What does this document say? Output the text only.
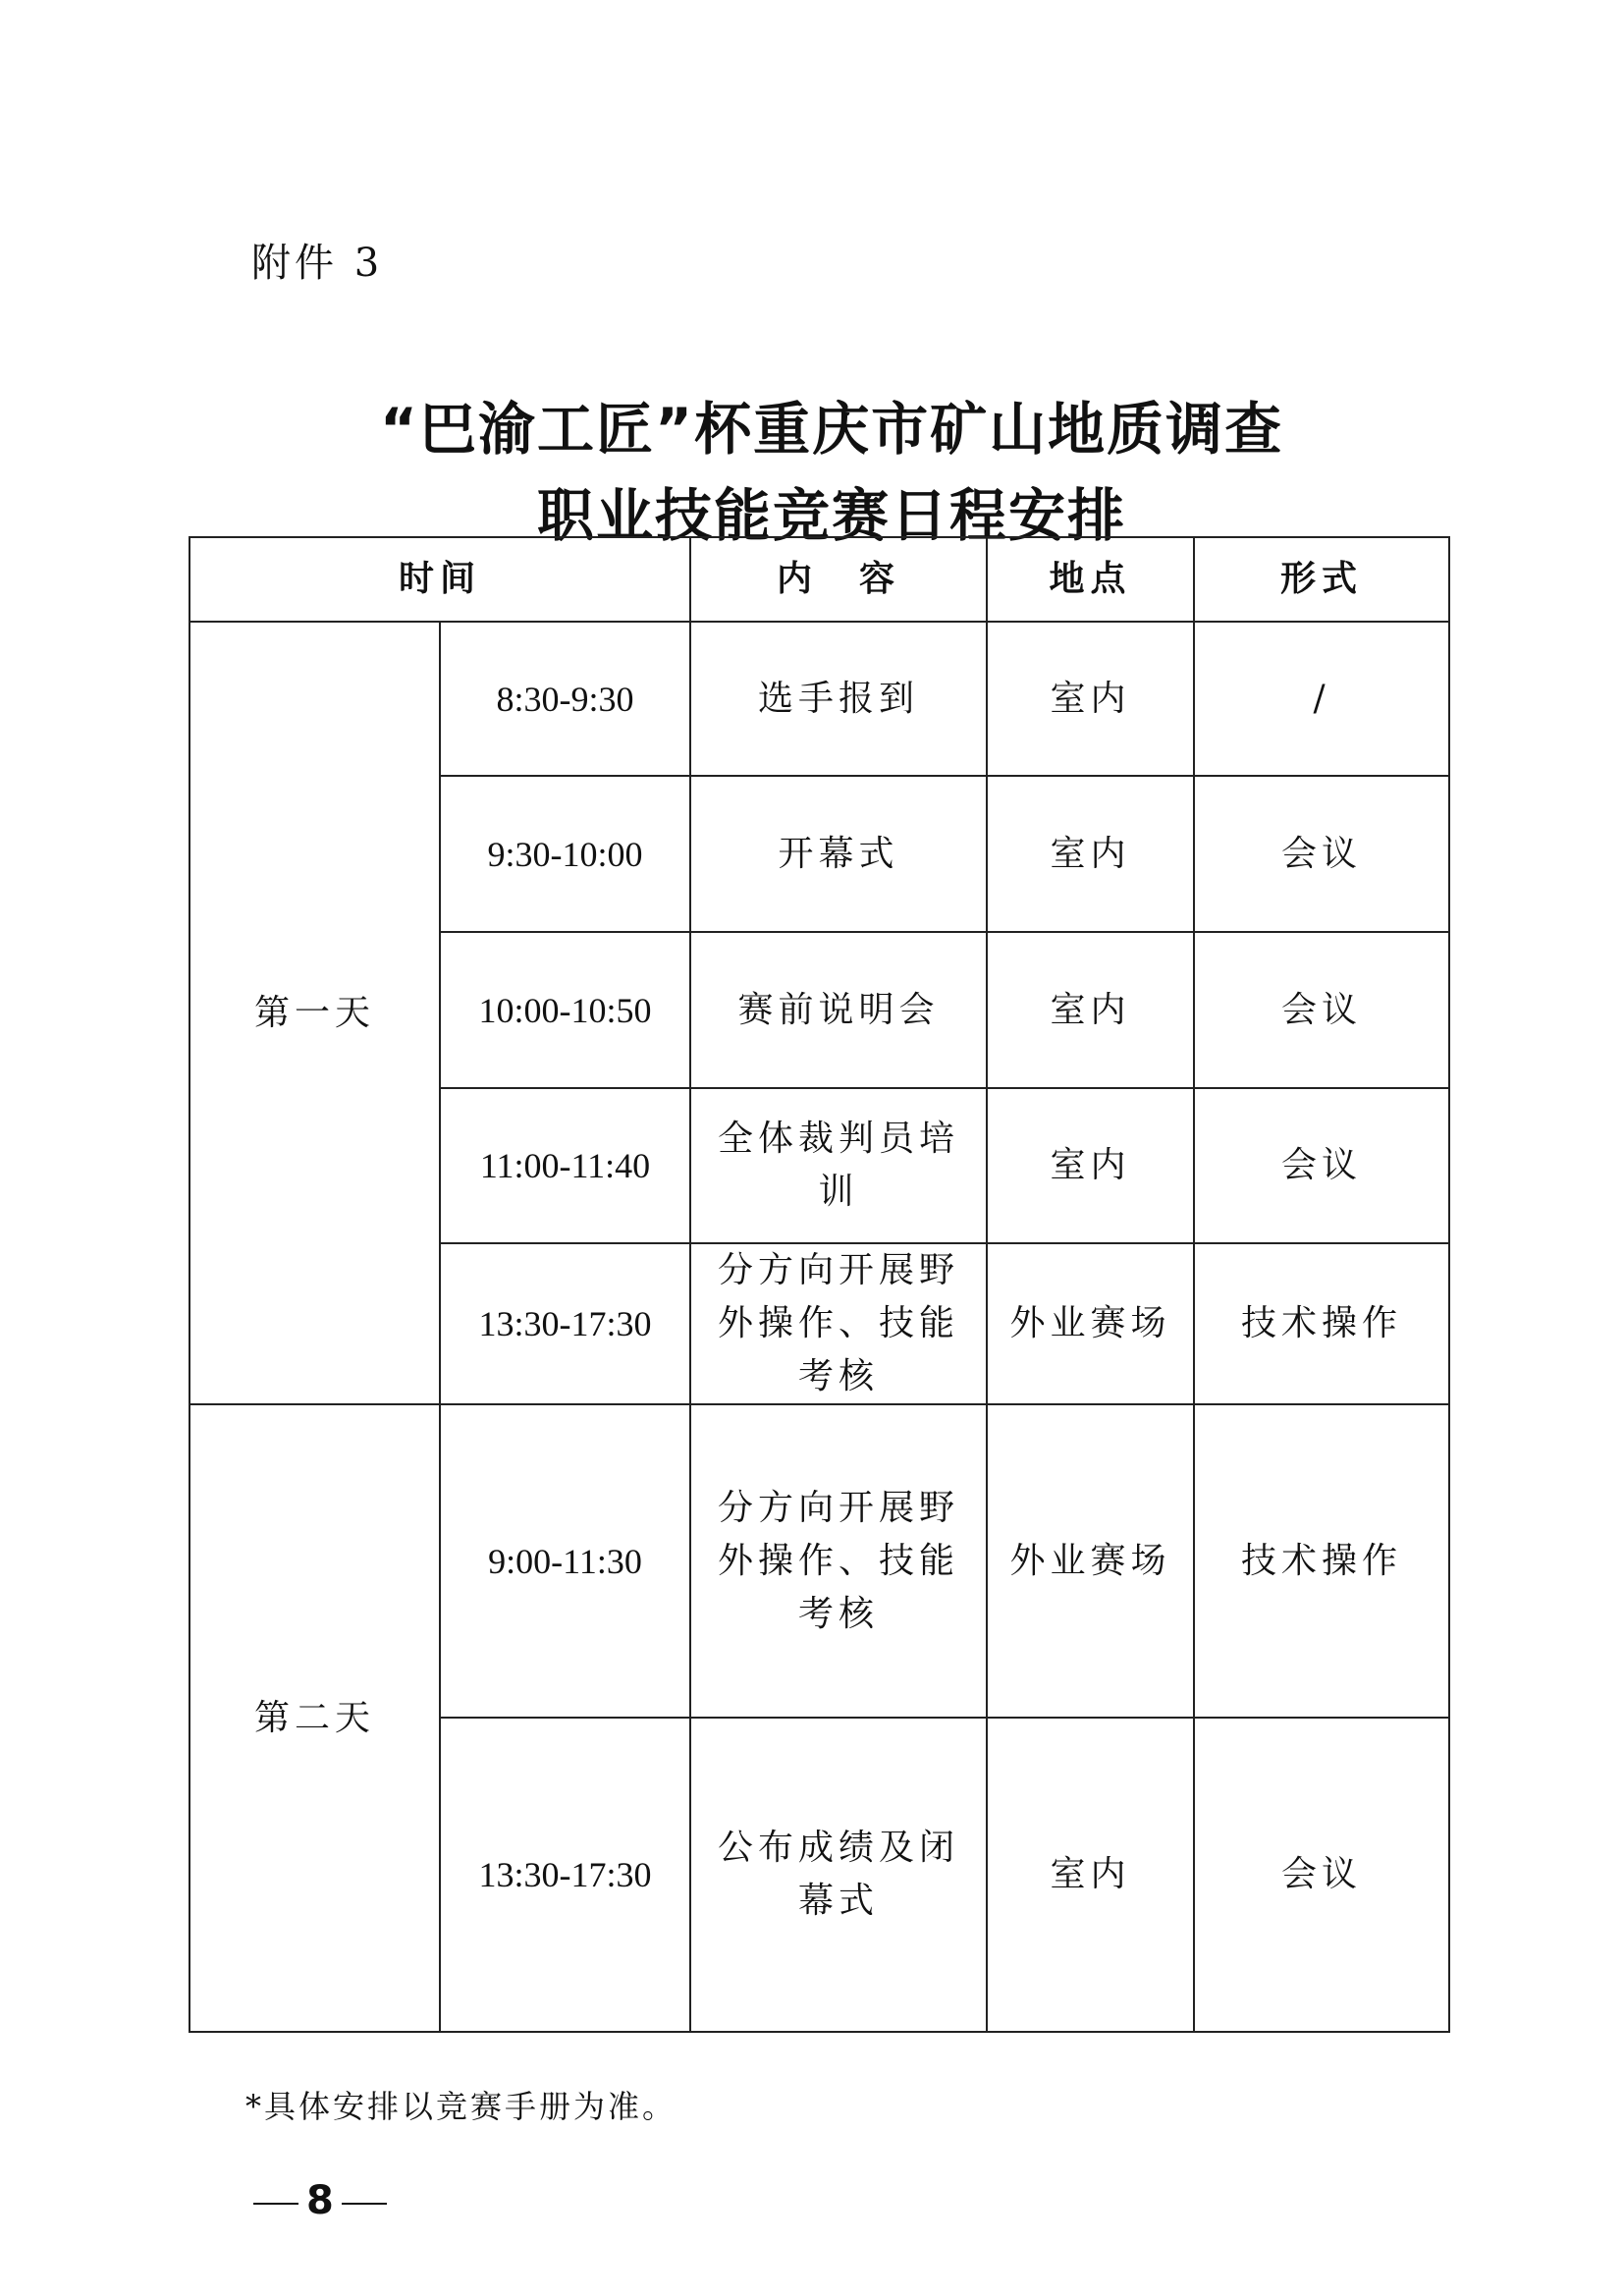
附件 3
“巴渝工匠”杯重庆市矿山地质调查
职业技能竞赛日程安排
时间		内　容	地点	形式
第一天	8:30-9:30	选手报到	室内	/
	9:30-10:00	开幕式	室内	会议
	10:00-10:50	赛前说明会	室内	会议
	11:00-11:40	全体裁判员培训	室内	会议
	13:30-17:30	分方向开展野外操作、技能考核	外业赛场	技术操作
第二天	9:00-11:30	分方向开展野外操作、技能考核	外业赛场	技术操作
	13:30-17:30	公布成绩及闭幕式	室内	会议
*具体安排以竞赛手册为准。
8
